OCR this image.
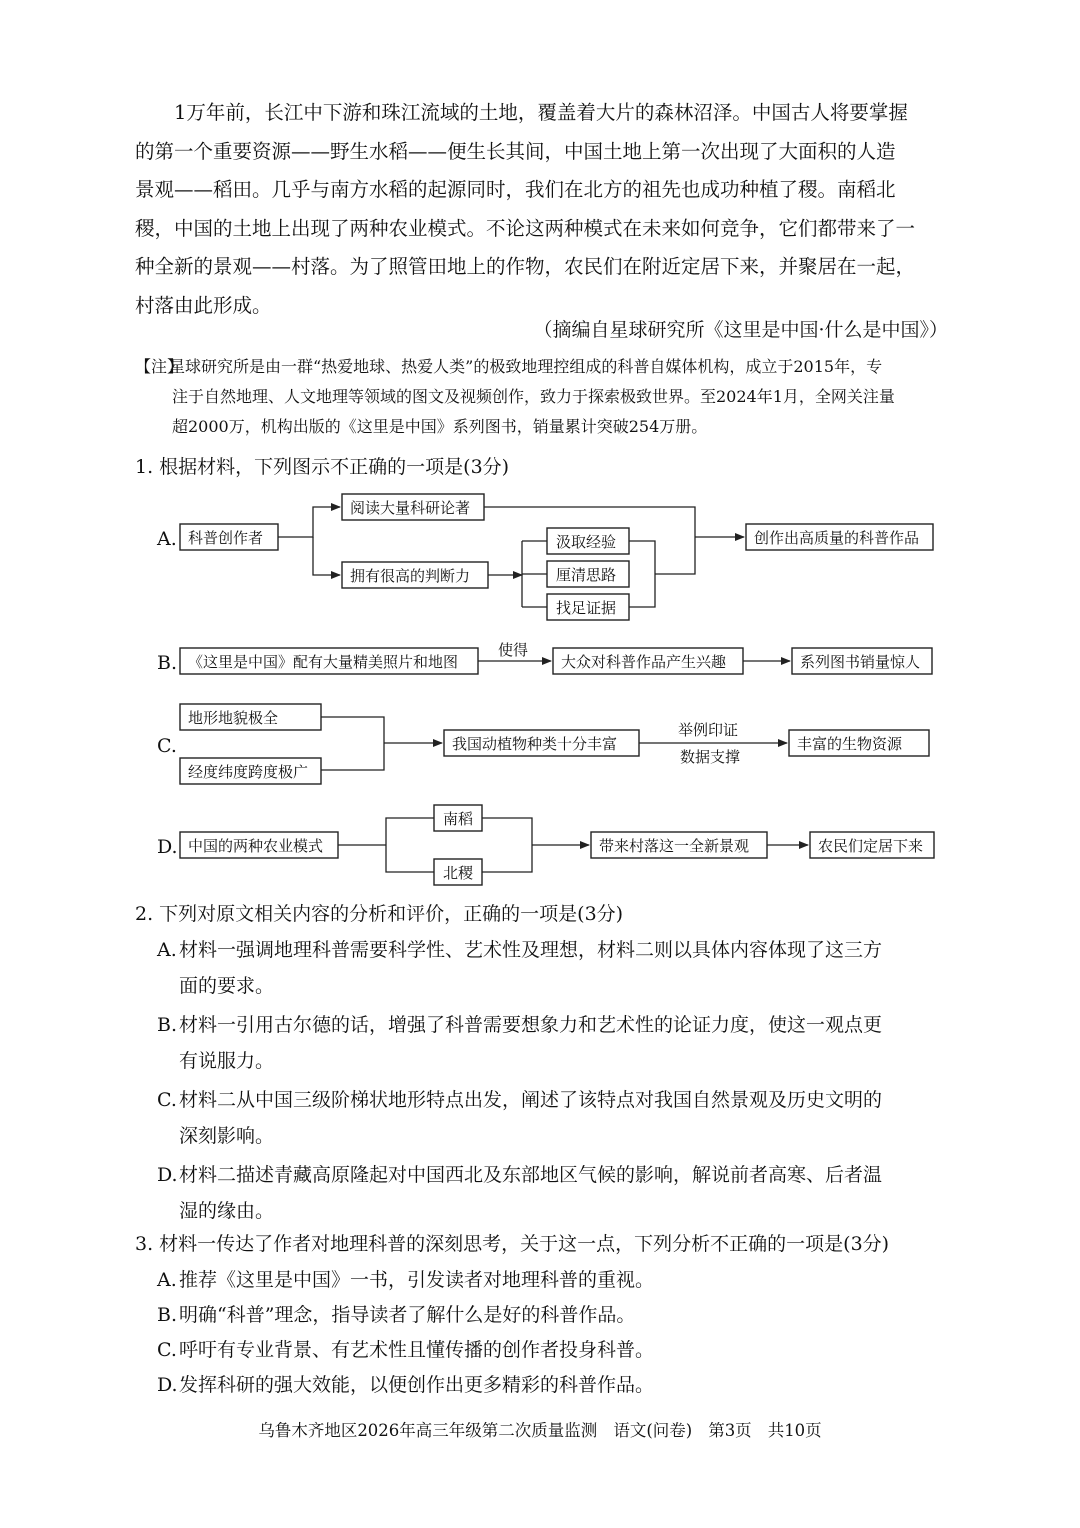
1万年前，长江中下游和珠江流域的土地，覆盖着大片的森林沼泽。中国古人将要掌握

的第一个重要资源——野生水稻——便生长其间，中国土地上第一次出现了大面积的人造

景观——稻田。几乎与南方水稻的起源同时，我们在北方的祖先也成功种植了稷。南稻北

稷，中国的土地上出现了两种农业模式。不论这两种模式在未来如何竞争，它们都带来了一

种全新的景观——村落。为了照管田地上的作物，农民们在附近定居下来，并聚居在一起，

村落由此形成。

（摘编自星球研究所《这里是中国·什么是中国》）
【注】星球研究所是由一群“热爱地球、热爱人类”的极致地理控组成的科普自媒体机构，成立于2015年，专
注于自然地理、人文地理等领域的图文及视频创作，致力于探索极致世界。至2024年1月，全网关注量
超2000万，机构出版的《这里是中国》系列图书，销量累计突破254万册。
1. 根据材料，下列图示不正确的一项是(3分)
A. 科普创作者
阅读大量科研论著
拥有很高的判断力
汲取经验
厘清思路
找足证据
创作出高质量的科普作品
B. 《这里是中国》配有大量精美照片和地图
使得
大众对科普作品产生兴趣	系列图书销量惊人
C.
地形地貌极全
经度纬度跨度极广
我国动植物种类十分丰富
举例印证
数据支撑
丰富的生物资源
D. 中国的两种农业模式
南稻
北稷
带来村落这一全新景观	农民们定居下来
2. 下列对原文相关内容的分析和评价，正确的一项是(3分)
A. 材料一强调地理科普需要科学性、艺术性及理想，材料二则以具体内容体现了这三方
面的要求。
B. 材料一引用古尔德的话，增强了科普需要想象力和艺术性的论证力度，使这一观点更
有说服力。
C. 材料二从中国三级阶梯状地形特点出发，阐述了该特点对我国自然景观及历史文明的
深刻影响。
D.材料二描述青藏高原隆起对中国西北及东部地区气候的影响，解说前者高寒、后者温
湿的缘由。
3. 材料一传达了作者对地理科普的深刻思考，关于这一点，下列分析不正确的一项是(3分)
A. 推荐《这里是中国》一书，引发读者对地理科普的重视。
B. 明确“科普”理念，指导读者了解什么是好的科普作品。
C. 呼吁有专业背景、有艺术性且懂传播的创作者投身科普。
D.发挥科研的强大效能，以便创作出更多精彩的科普作品。
乌鲁木齐地区2026年高三年级第二次质量监测 语文(问卷) 第3页 共10页
